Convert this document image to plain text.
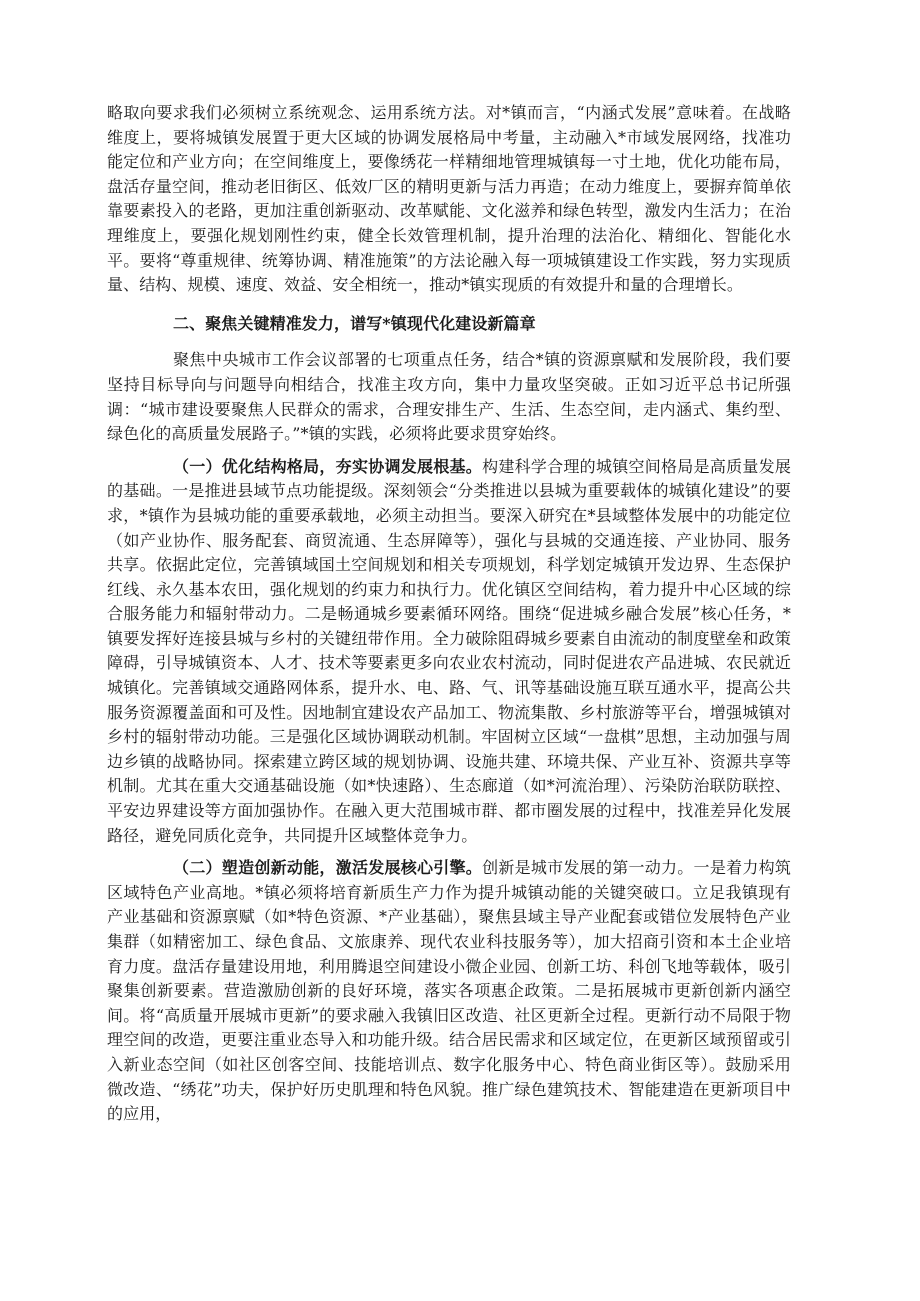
略取向要求我们必须树立系统观念、运用系统方法。对*镇而言，“内涵式发展”意味着。在战略维度上，要将城镇发展置于更大区域的协调发展格局中考量，主动融入*市域发展网络，找准功能定位和产业方向；在空间维度上，要像绣花一样精细地管理城镇每一寸土地，优化功能布局，盘活存量空间，推动老旧街区、低效厂区的精明更新与活力再造；在动力维度上，要摒弃简单依靠要素投入的老路，更加注重创新驱动、改革赋能、文化滋养和绿色转型，激发内生活力；在治理维度上，要强化规划刚性约束，健全长效管理机制，提升治理的法治化、精细化、智能化水平。要将“尊重规律、统筹协调、精准施策”的方法论融入每一项城镇建设工作实践，努力实现质量、结构、规模、速度、效益、安全相统一，推动*镇实现质的有效提升和量的合理增长。

二、聚焦关键精准发力，谱写*镇现代化建设新篇章

聚焦中央城市工作会议部署的七项重点任务，结合*镇的资源禀赋和发展阶段，我们要坚持目标导向与问题导向相结合，找准主攻方向，集中力量攻坚突破。正如习近平总书记所强调：“城市建设要聚焦人民群众的需求，合理安排生产、生活、生态空间，走内涵式、集约型、绿色化的高质量发展路子。”*镇的实践，必须将此要求贯穿始终。

（一）优化结构格局，夯实协调发展根基。构建科学合理的城镇空间格局是高质量发展的基础。一是推进县域节点功能提级。深刻领会“分类推进以县城为重要载体的城镇化建设”的要求，*镇作为县城功能的重要承载地，必须主动担当。要深入研究在*县域整体发展中的功能定位（如产业协作、服务配套、商贸流通、生态屏障等），强化与县城的交通连接、产业协同、服务共享。依据此定位，完善镇域国土空间规划和相关专项规划，科学划定城镇开发边界、生态保护红线、永久基本农田，强化规划的约束力和执行力。优化镇区空间结构，着力提升中心区域的综合服务能力和辐射带动力。二是畅通城乡要素循环网络。围绕“促进城乡融合发展”核心任务，*镇要发挥好连接县城与乡村的关键纽带作用。全力破除阻碍城乡要素自由流动的制度壁垒和政策障碍，引导城镇资本、人才、技术等要素更多向农业农村流动，同时促进农产品进城、农民就近城镇化。完善镇域交通路网体系，提升水、电、路、气、讯等基础设施互联互通水平，提高公共服务资源覆盖面和可及性。因地制宜建设农产品加工、物流集散、乡村旅游等平台，增强城镇对乡村的辐射带动功能。三是强化区域协调联动机制。牢固树立区域“一盘棋”思想，主动加强与周边乡镇的战略协同。探索建立跨区域的规划协调、设施共建、环境共保、产业互补、资源共享等机制。尤其在重大交通基础设施（如*快速路）、生态廊道（如*河流治理）、污染防治联防联控、平安边界建设等方面加强协作。在融入更大范围城市群、都市圈发展的过程中，找准差异化发展路径，避免同质化竞争，共同提升区域整体竞争力。

（二）塑造创新动能，激活发展核心引擎。创新是城市发展的第一动力。一是着力构筑区域特色产业高地。*镇必须将培育新质生产力作为提升城镇动能的关键突破口。立足我镇现有产业基础和资源禀赋（如*特色资源、*产业基础），聚焦县域主导产业配套或错位发展特色产业集群（如精密加工、绿色食品、文旅康养、现代农业科技服务等），加大招商引资和本土企业培育力度。盘活存量建设用地，利用腾退空间建设小微企业园、创新工坊、科创飞地等载体，吸引聚集创新要素。营造激励创新的良好环境，落实各项惠企政策。二是拓展城市更新创新内涵空间。将“高质量开展城市更新”的要求融入我镇旧区改造、社区更新全过程。更新行动不局限于物理空间的改造，更要注重业态导入和功能升级。结合居民需求和区域定位，在更新区域预留或引入新业态空间（如社区创客空间、技能培训点、数字化服务中心、特色商业街区等）。鼓励采用微改造、“绣花”功夫，保护好历史肌理和特色风貌。推广绿色建筑技术、智能建造在更新项目中的应用，
